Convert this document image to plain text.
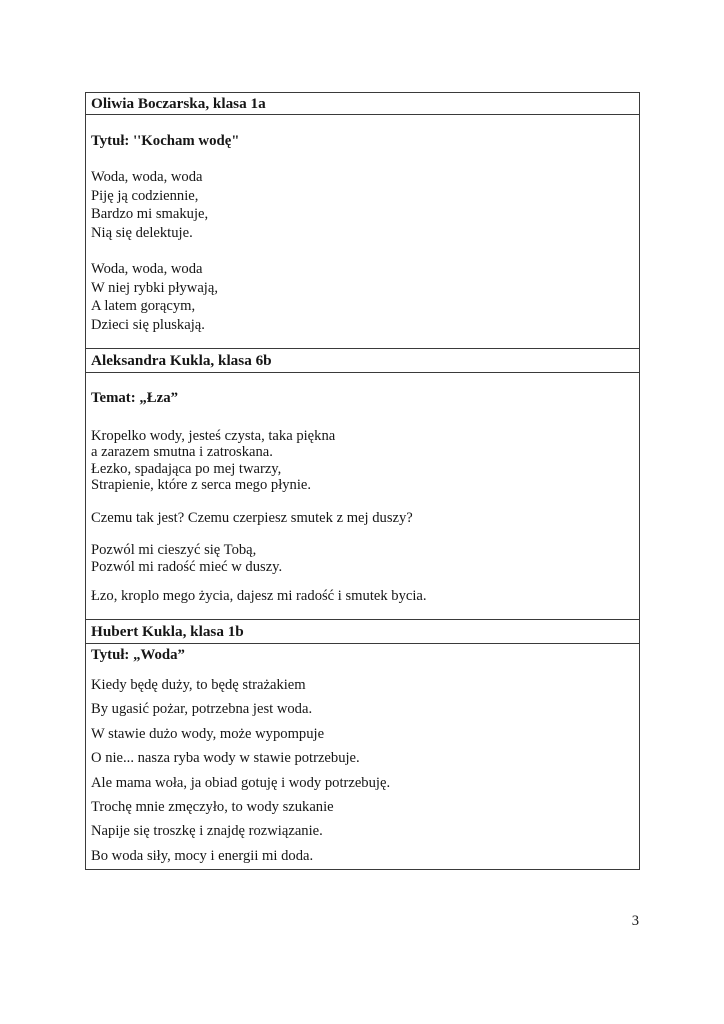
Oliwia Boczarska, klasa 1a

Tytuł: ''Kocham wodę"

Woda, woda, woda
Piję ją codziennie,
Bardzo mi smakuje,
Nią się delektuje.
Woda, woda, woda
W niej rybki pływają,
A latem gorącym,
Dzieci się pluskają.
Aleksandra Kukla, klasa 6b

Temat: „Łza”

Kropelko wody, jesteś czysta, taka piękna
a zarazem smutna i zatroskana.
Łezko, spadająca po mej twarzy,
Strapienie, które z serca mego płynie.
Czemu tak jest? Czemu czerpiesz smutek z mej duszy?
Pozwól mi cieszyć się Tobą,
Pozwól mi radość mieć w duszy.
Łzo, kroplo mego życia, dajesz mi radość i smutek bycia.
Hubert Kukla, klasa 1b

Tytuł: „Woda”

Kiedy będę duży, to będę strażakiem

By ugasić pożar, potrzebna jest woda.

W stawie dużo wody, może wypompuje

O nie... nasza ryba wody w stawie potrzebuje.

Ale mama woła, ja obiad gotuję i wody potrzebuję.

Trochę mnie zmęczyło, to wody szukanie

Napije się troszkę i znajdę rozwiązanie.

Bo woda siły, mocy i energii mi doda.

3
